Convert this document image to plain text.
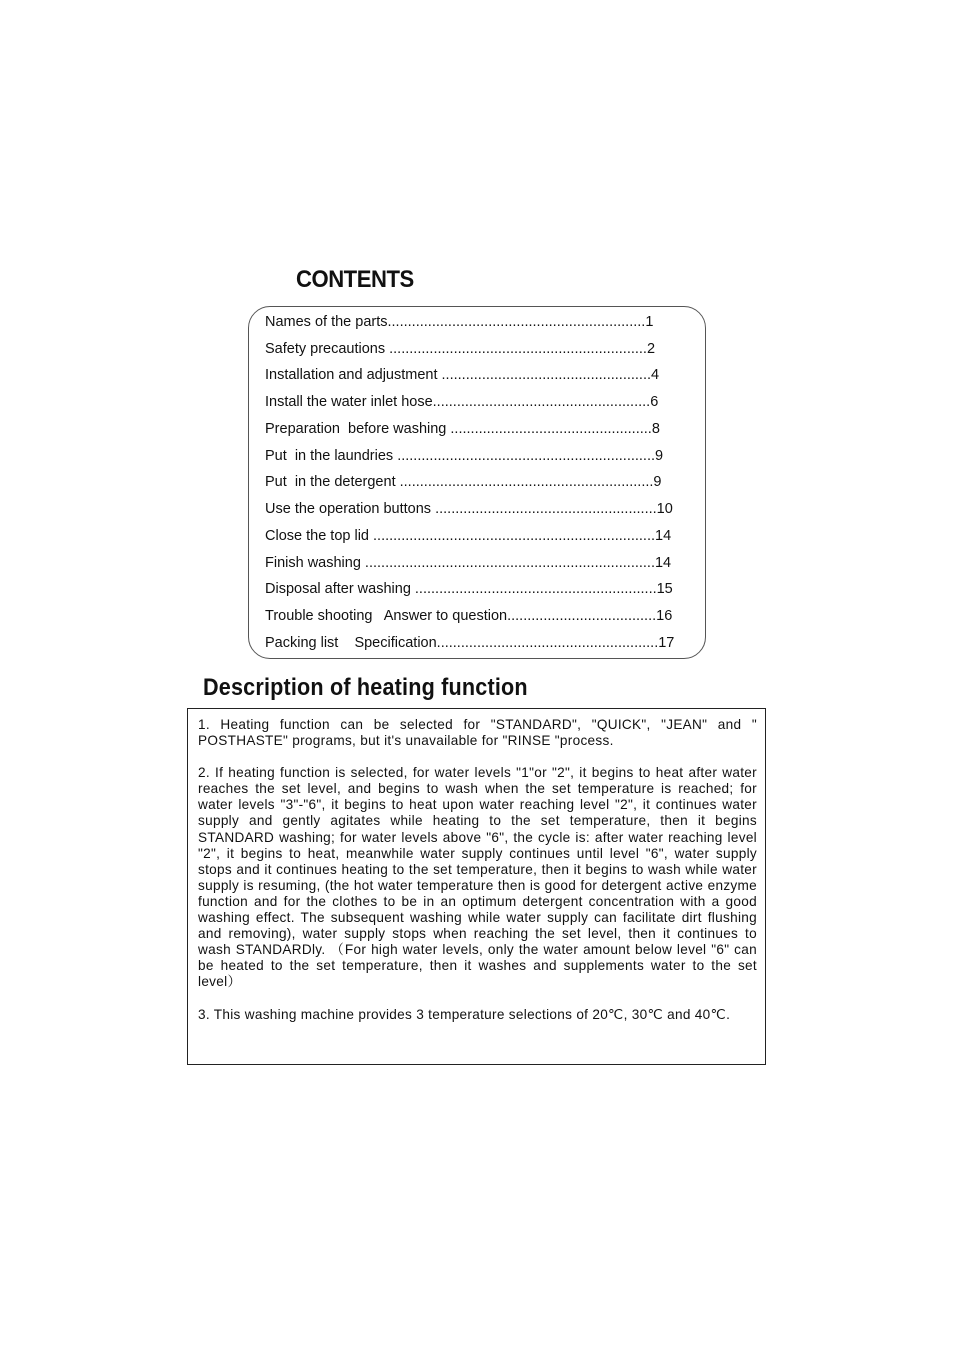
CONTENTS
Names of the parts................................................................1
Safety precautions ................................................................2
Installation and adjustment ....................................................4
Install the water inlet hose......................................................6
Preparation  before washing ..................................................8
Put  in the laundries ................................................................9
Put  in the detergent ...............................................................9
Use the operation buttons .......................................................10
Close the top lid ......................................................................14
Finish washing ........................................................................14
Disposal after washing ............................................................15
Trouble shooting   Answer to question.....................................16
Packing list    Specification.......................................................17
Description of heating function

1. Heating function can be selected for "STANDARD", "QUICK", "JEAN" and " POSTHASTE" programs, but it's unavailable for "RINSE "process.

2. If heating function is selected, for water levels "1"or "2", it begins to heat after water reaches the set level, and begins to wash when the set temperature is reached; for water levels "3"-"6", it begins to heat upon water reaching level "2", it continues water supply and gently agitates while heating to the set temperature, then it begins STANDARD washing; for water levels above "6", the cycle is: after water reaching level "2", it begins to heat, meanwhile water supply continues until level "6", water supply stops and it continues heating to the set temperature, then it begins to wash while water supply is resuming, (the hot water temperature then is good for detergent active enzyme function and for the clothes to be in an optimum detergent concentration with a good washing effect. The subsequent washing while water supply can facilitate dirt flushing and removing), water supply stops when reaching the set level, then it continues to wash STANDARDly. （For high water levels, only the water amount below level "6" can be heated to the set temperature, then it washes and supplements water to the set level）

3. This washing machine provides 3 temperature selections of 20℃, 30℃ and 40℃.
